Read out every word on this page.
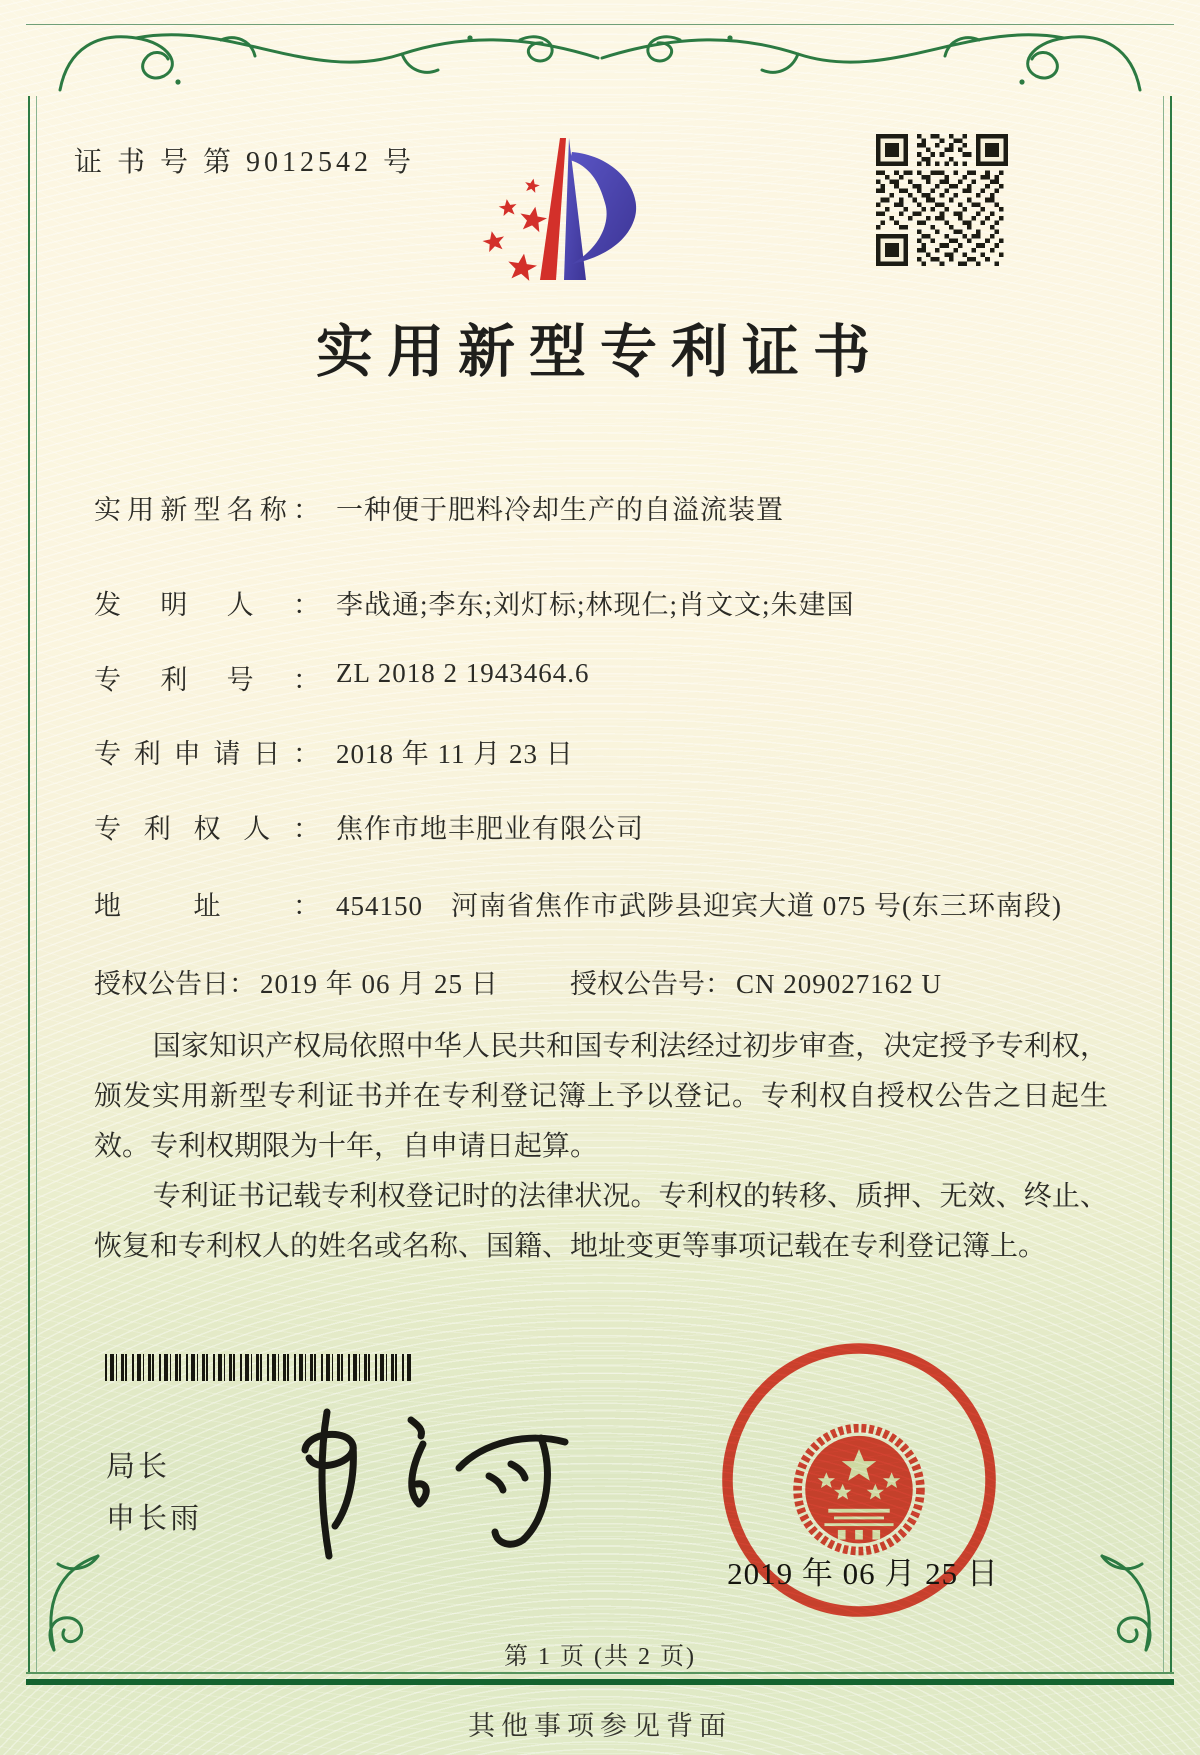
证 书 号 第 9012542 号
实用新型专利证书
实用新型名称： 一种便于肥料冷却生产的自溢流装置
发明人： 李战通;李东;刘灯标;林现仁;肖文文;朱建国
专利号： ZL 2018 2 1943464.6
专利申请日： 2018 年 11 月 23 日
专利权人： 焦作市地丰肥业有限公司
地址： 454150　河南省焦作市武陟县迎宾大道 075 号(东三环南段)
授权公告日： 2019 年 06 月 25 日	授权公告号： CN 209027162 U

国家知识产权局依照中华人民共和国专利法经过初步审查，决定授予专利权，颁发实用新型专利证书并在专利登记簿上予以登记。专利权自授权公告之日起生效。专利权期限为十年，自申请日起算。

专利证书记载专利权登记时的法律状况。专利权的转移、质押、无效、终止、恢复和专利权人的姓名或名称、国籍、地址变更等事项记载在专利登记簿上。

局长
申长雨
2019 年 06 月 25 日
第 1 页 (共 2 页)
其他事项参见背面
